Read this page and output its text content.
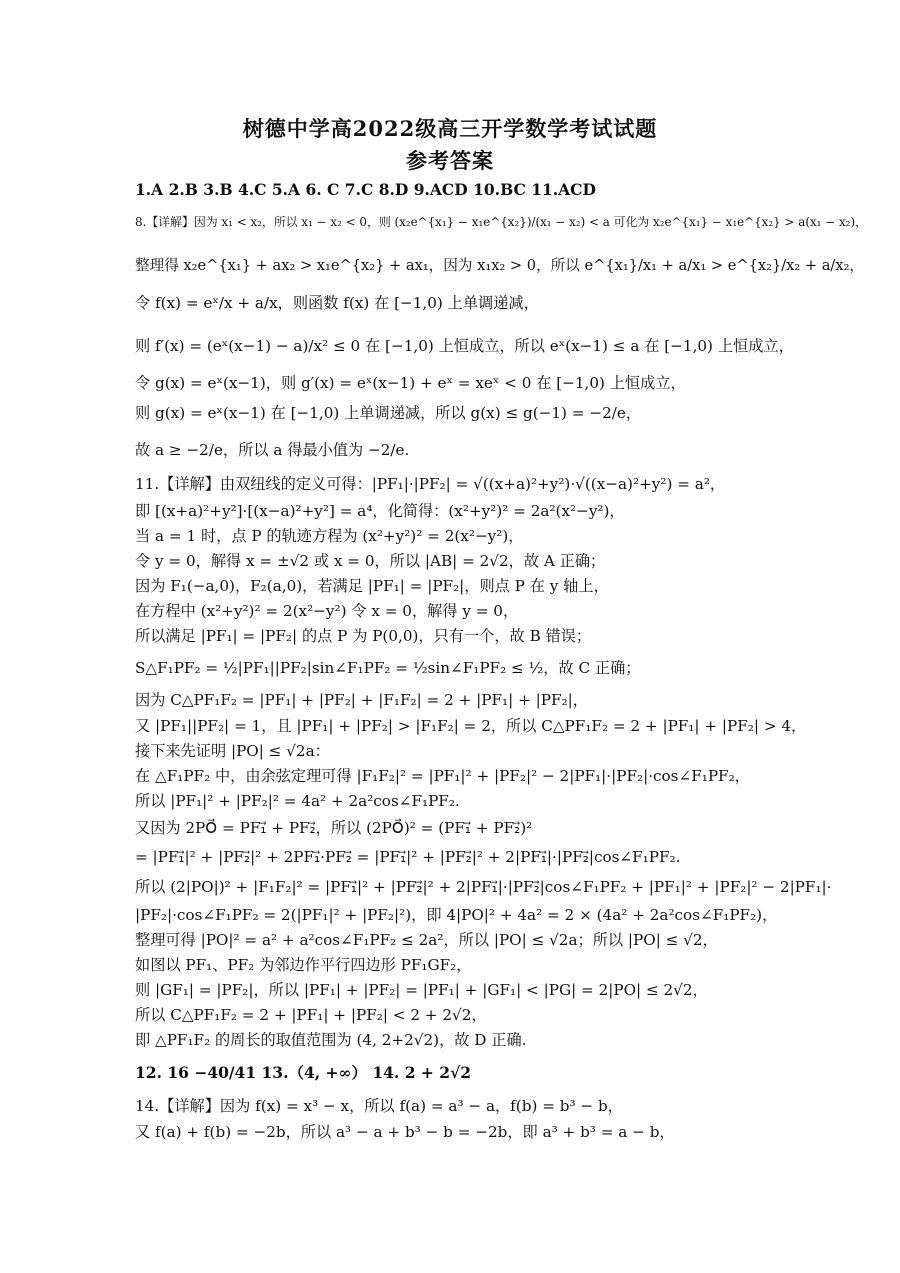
树德中学高2022级高三开学数学考试试题
参考答案
1.A 2.B 3.B 4.C 5.A 6. C 7.C 8.D 9.ACD 10.BC 11.ACD
8.【详解】因为 x₁ < x₂，所以 x₁ − x₂ < 0，则 (x₂e^{x₁} − x₁e^{x₂})/(x₁ − x₂) < a 可化为 x₂e^{x₁} − x₁e^{x₂} > a(x₁ − x₂)，
整理得 x₂e^{x₁} + ax₂ > x₁e^{x₂} + ax₁，因为 x₁x₂ > 0，所以 e^{x₁}/x₁ + a/x₁ > e^{x₂}/x₂ + a/x₂，
令 f(x) = eˣ/x + a/x，则函数 f(x) 在 [−1,0) 上单调递减，
则 f′(x) = (eˣ(x−1) − a)/x² ≤ 0 在 [−1,0) 上恒成立，所以 eˣ(x−1) ≤ a 在 [−1,0) 上恒成立，
令 g(x) = eˣ(x−1)，则 g′(x) = eˣ(x−1) + eˣ = xeˣ < 0 在 [−1,0) 上恒成立，
则 g(x) = eˣ(x−1) 在 [−1,0) 上单调递减，所以 g(x) ≤ g(−1) = −2/e，
故 a ≥ −2/e，所以 a 得最小值为 −2/e.
11.【详解】由双纽线的定义可得：|PF₁|·|PF₂| = √((x+a)²+y²)·√((x−a)²+y²) = a²，
即 [(x+a)²+y²]·[(x−a)²+y²] = a⁴，化简得：(x²+y²)² = 2a²(x²−y²)，
当 a = 1 时，点 P 的轨迹方程为 (x²+y²)² = 2(x²−y²)，
令 y = 0，解得 x = ±√2 或 x = 0，所以 |AB| = 2√2，故 A 正确；
因为 F₁(−a,0)，F₂(a,0)，若满足 |PF₁| = |PF₂|，则点 P 在 y 轴上，
在方程中 (x²+y²)² = 2(x²−y²) 令 x = 0，解得 y = 0，
所以满足 |PF₁| = |PF₂| 的点 P 为 P(0,0)，只有一个，故 B 错误；
S△F₁PF₂ = ½|PF₁||PF₂|sin∠F₁PF₂ = ½sin∠F₁PF₂ ≤ ½，故 C 正确；
因为 C△PF₁F₂ = |PF₁| + |PF₂| + |F₁F₂| = 2 + |PF₁| + |PF₂|，
又 |PF₁||PF₂| = 1，且 |PF₁| + |PF₂| > |F₁F₂| = 2，所以 C△PF₁F₂ = 2 + |PF₁| + |PF₂| > 4，
接下来先证明 |PO| ≤ √2a：
在 △F₁PF₂ 中，由余弦定理可得 |F₁F₂|² = |PF₁|² + |PF₂|² − 2|PF₁|·|PF₂|·cos∠F₁PF₂，
所以 |PF₁|² + |PF₂|² = 4a² + 2a²cos∠F₁PF₂.
又因为 2PO⃗ = PF₁⃗ + PF₂⃗，所以 (2PO⃗)² = (PF₁⃗ + PF₂⃗)²
= |PF₁⃗|² + |PF₂⃗|² + 2PF₁⃗·PF₂⃗ = |PF₁⃗|² + |PF₂⃗|² + 2|PF₁⃗|·|PF₂⃗|cos∠F₁PF₂.
所以 (2|PO|)² + |F₁F₂|² = |PF₁⃗|² + |PF₂⃗|² + 2|PF₁⃗|·|PF₂⃗|cos∠F₁PF₂ + |PF₁|² + |PF₂|² − 2|PF₁|·
|PF₂|·cos∠F₁PF₂ = 2(|PF₁|² + |PF₂|²)，即 4|PO|² + 4a² = 2 × (4a² + 2a²cos∠F₁PF₂)，
整理可得 |PO|² = a² + a²cos∠F₁PF₂ ≤ 2a²，所以 |PO| ≤ √2a；所以 |PO| ≤ √2，
如图以 PF₁、PF₂ 为邻边作平行四边形 PF₁GF₂，
则 |GF₁| = |PF₂|，所以 |PF₁| + |PF₂| = |PF₁| + |GF₁| < |PG| = 2|PO| ≤ 2√2，
所以 C△PF₁F₂ = 2 + |PF₁| + |PF₂| < 2 + 2√2，
即 △PF₁F₂ 的周长的取值范围为 (4, 2+2√2)，故 D 正确.
12. 16 −40/41 13.（4, +∞） 14. 2 + 2√2
14.【详解】因为 f(x) = x³ − x，所以 f(a) = a³ − a，f(b) = b³ − b，
又 f(a) + f(b) = −2b，所以 a³ − a + b³ − b = −2b，即 a³ + b³ = a − b，
